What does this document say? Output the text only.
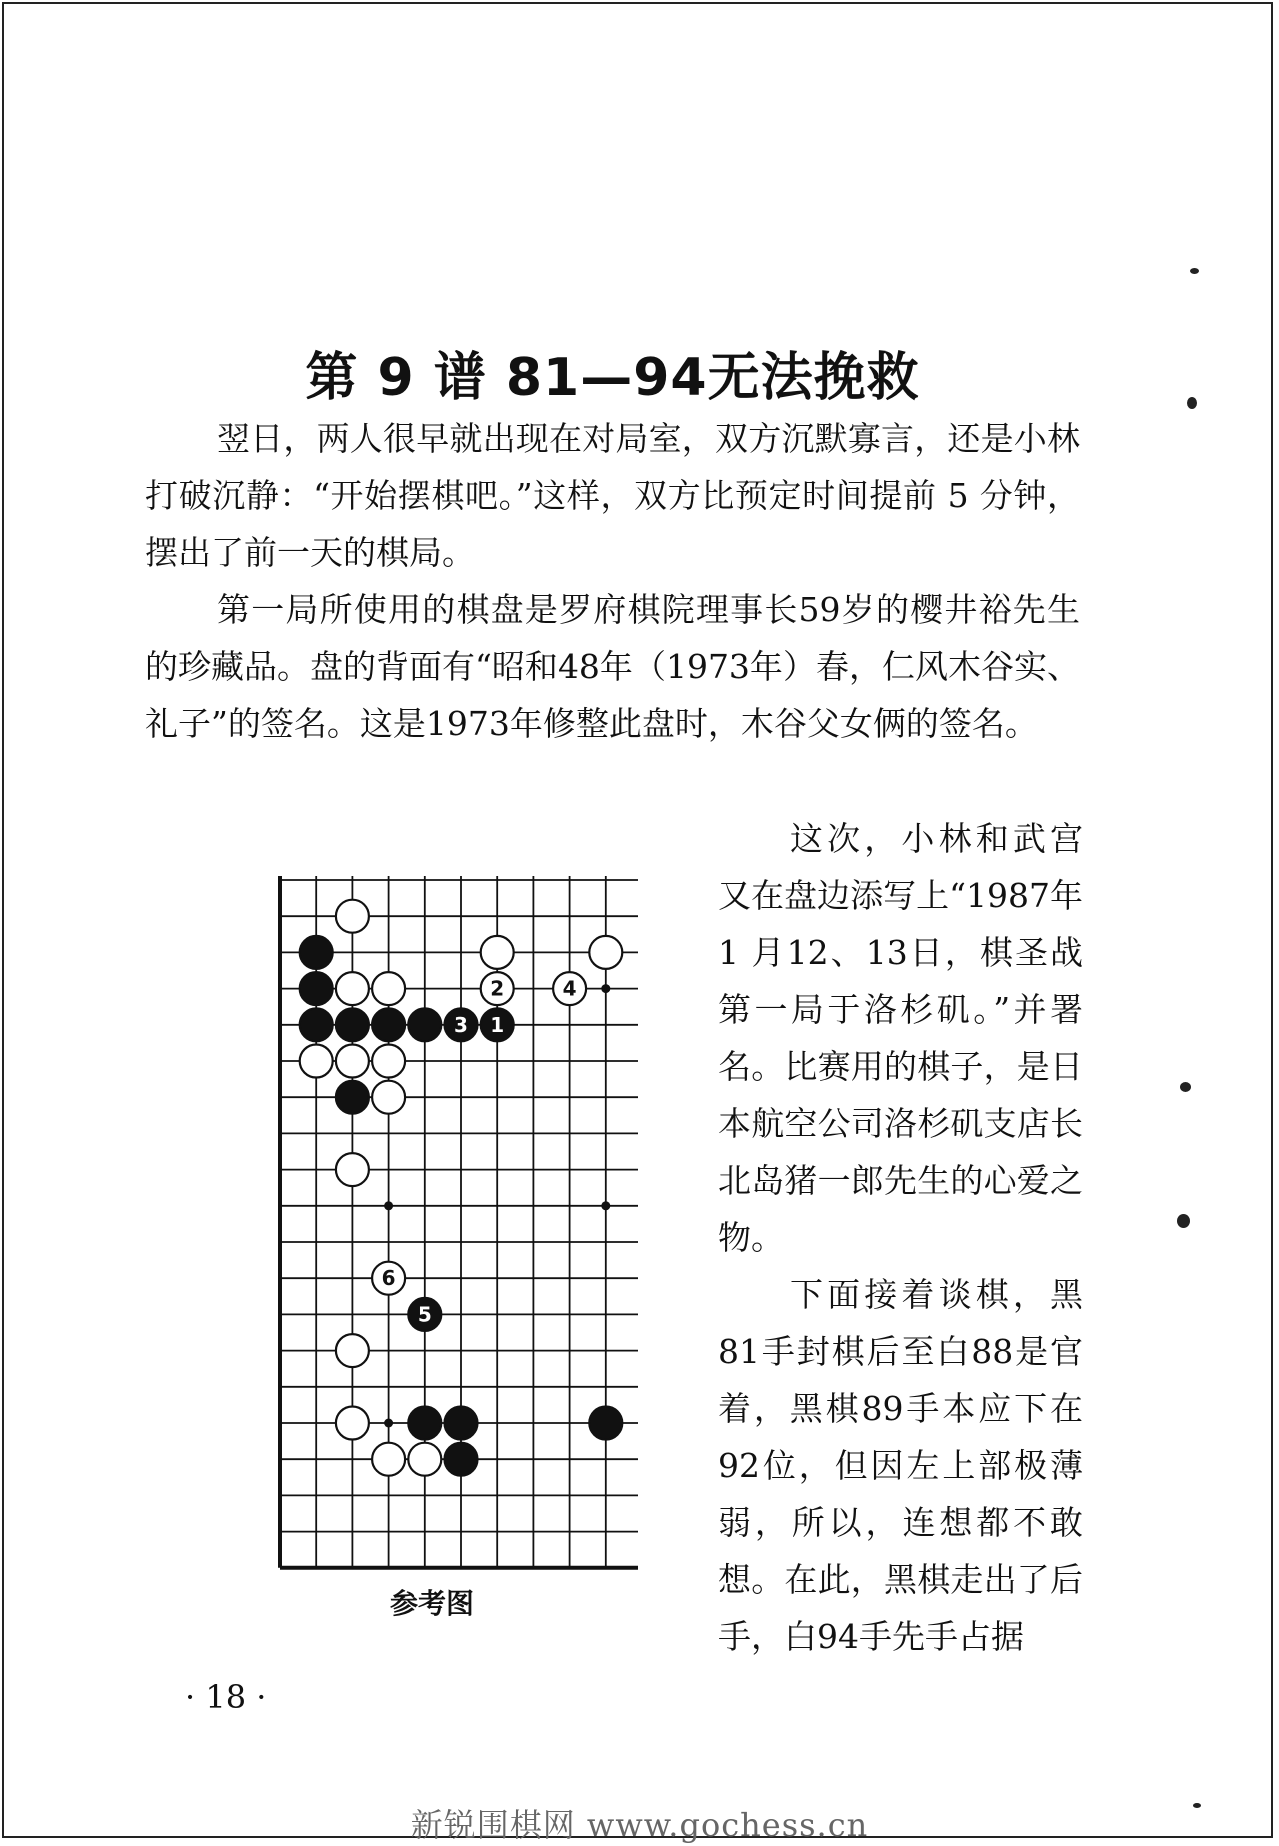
第 9 谱 81—94无法挽救

翌日，两人很早就出现在对局室，双方沉默寡言，还是小林打破沉静：“开始摆棋吧。”这样，双方比预定时间提前 5 分钟，摆出了前一天的棋局。

第一局所使用的棋盘是罗府棋院理事长59岁的樱井裕先生的珍藏品。盘的背面有“昭和48年（1973年）春，仁风木谷实、礼子”的签名。这是1973年修整此盘时，木谷父女俩的签名。

2	4
3 1
6
5
参考图

这次，小林和武宫又在盘边添写上“1987年 1 月12、13日，棋圣战第一局于洛杉矶。”并署名。比赛用的棋子，是日本航空公司洛杉矶支店长北岛猪一郎先生的心爱之物。

下面接着谈棋，黑81手封棋后至白88是官着，黑棋89手本应下在92位，但因左上部极薄弱，所以，连想都不敢想。在此，黑棋走出了后手，白94手先手占据

· 18 ·
新锐围棋网 www.gochess.cn
